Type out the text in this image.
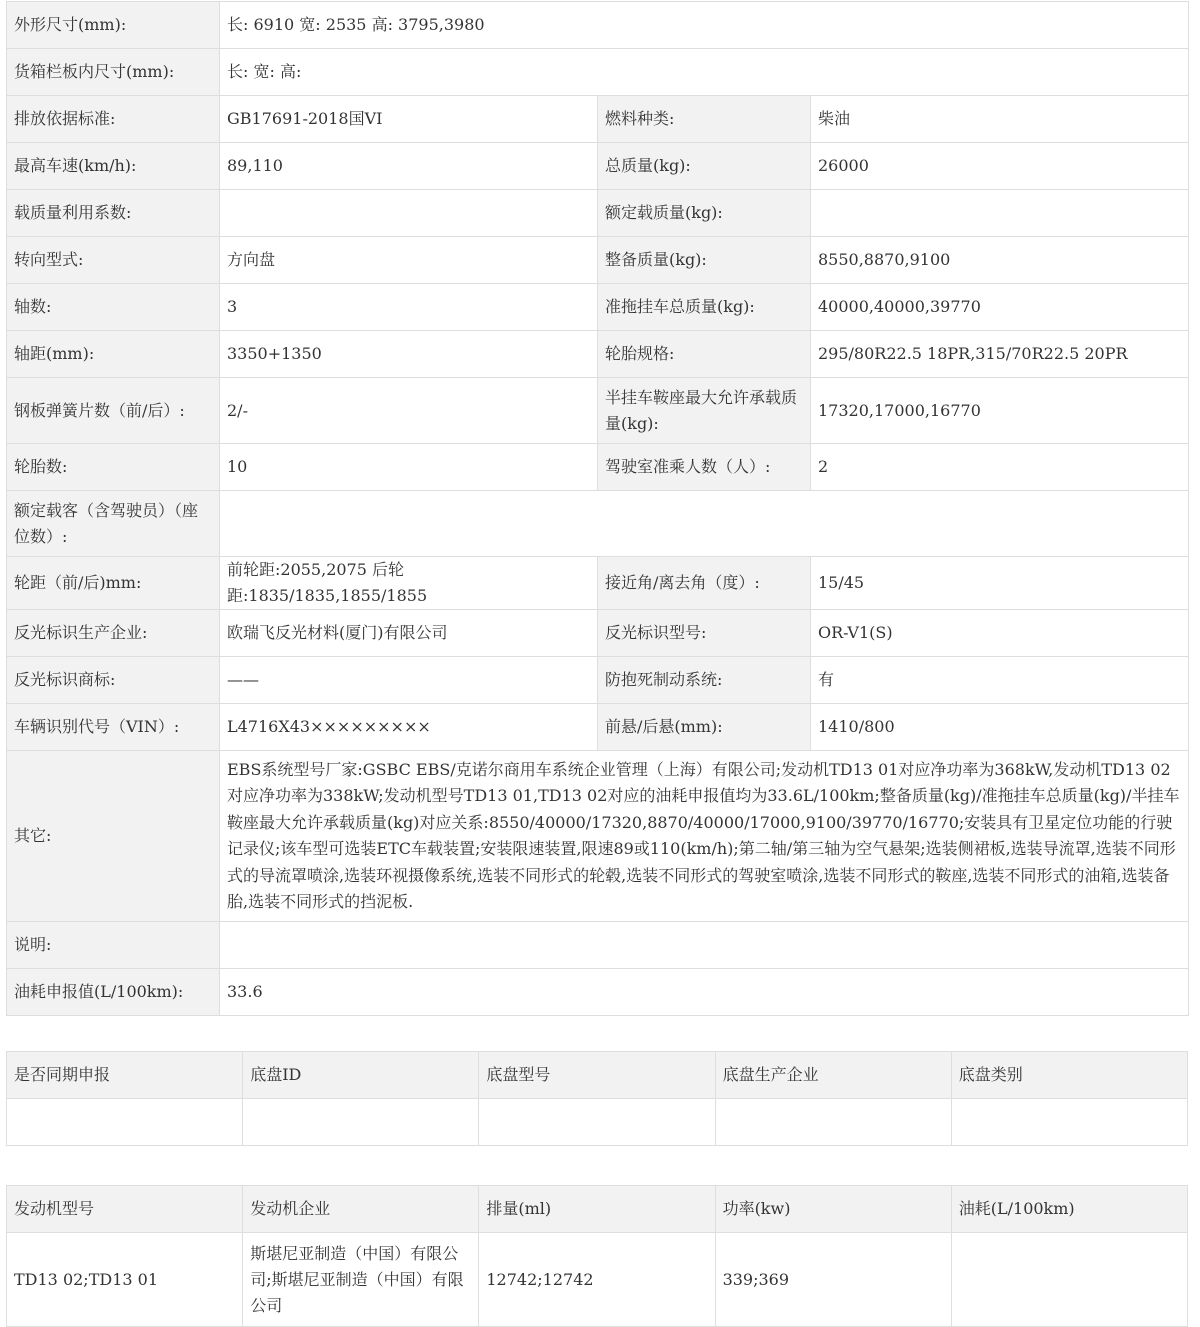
外形尺寸(mm):	长: 6910 宽: 2535 高: 3795,3980		
货箱栏板内尺寸(mm):	长: 宽: 高:		
排放依据标准:	GB17691-2018国VI	燃料种类:	柴油
最高车速(km/h):	89,110	总质量(kg):	26000
载质量利用系数:		额定载质量(kg):	
转向型式:	方向盘	整备质量(kg):	8550,8870,9100
轴数:	3	准拖挂车总质量(kg):	40000,40000,39770
轴距(mm):	3350+1350	轮胎规格:	295/80R22.5 18PR,315/70R22.5 20PR
钢板弹簧片数（前/后）:	2/-	半挂车鞍座最大允许承载质量(kg):	17320,17000,16770
轮胎数:	10	驾驶室准乘人数（人）:	2
额定载客（含驾驶员）（座位数）:			
轮距（前/后)mm:	前轮距:2055,2075 后轮距:1835/1835,1855/1855	接近角/离去角（度）:	15/45
反光标识生产企业:	欧瑞飞反光材料(厦门)有限公司	反光标识型号:	OR-V1(S)
反光标识商标:	——	防抱死制动系统:	有
车辆识别代号（VIN）:	L4716X43×××××××××	前悬/后悬(mm):	1410/800
其它:	EBS系统型号厂家:GSBC EBS/克诺尔商用车系统企业管理（上海）有限公司;发动机TD13 01对应净功率为368kW,发动机TD13 02对应净功率为338kW;发动机型号TD13 01,TD13 02对应的油耗申报值均为33.6L/100km;整备质量(kg)/准拖挂车总质量(kg)/半挂车鞍座最大允许承载质量(kg)对应关系:8550/40000/17320,8870/40000/17000,9100/39770/16770;安装具有卫星定位功能的行驶记录仪;该车型可选装ETC车载装置;安装限速装置,限速89或110(km/h);第二轴/第三轴为空气悬架;选装侧裙板,选装导流罩,选装不同形式的导流罩喷涂,选装环视摄像系统,选装不同形式的轮毂,选装不同形式的驾驶室喷涂,选装不同形式的鞍座,选装不同形式的油箱,选装备胎,选装不同形式的挡泥板.		
说明:			
油耗申报值(L/100km):	33.6		
是否同期申报	底盘ID	底盘型号	底盘生产企业	底盘类别

发动机型号	发动机企业	排量(ml)	功率(kw)	油耗(L/100km)
TD13 02;TD13 01	斯堪尼亚制造（中国）有限公司;斯堪尼亚制造（中国）有限公司	12742;12742	339;369	
